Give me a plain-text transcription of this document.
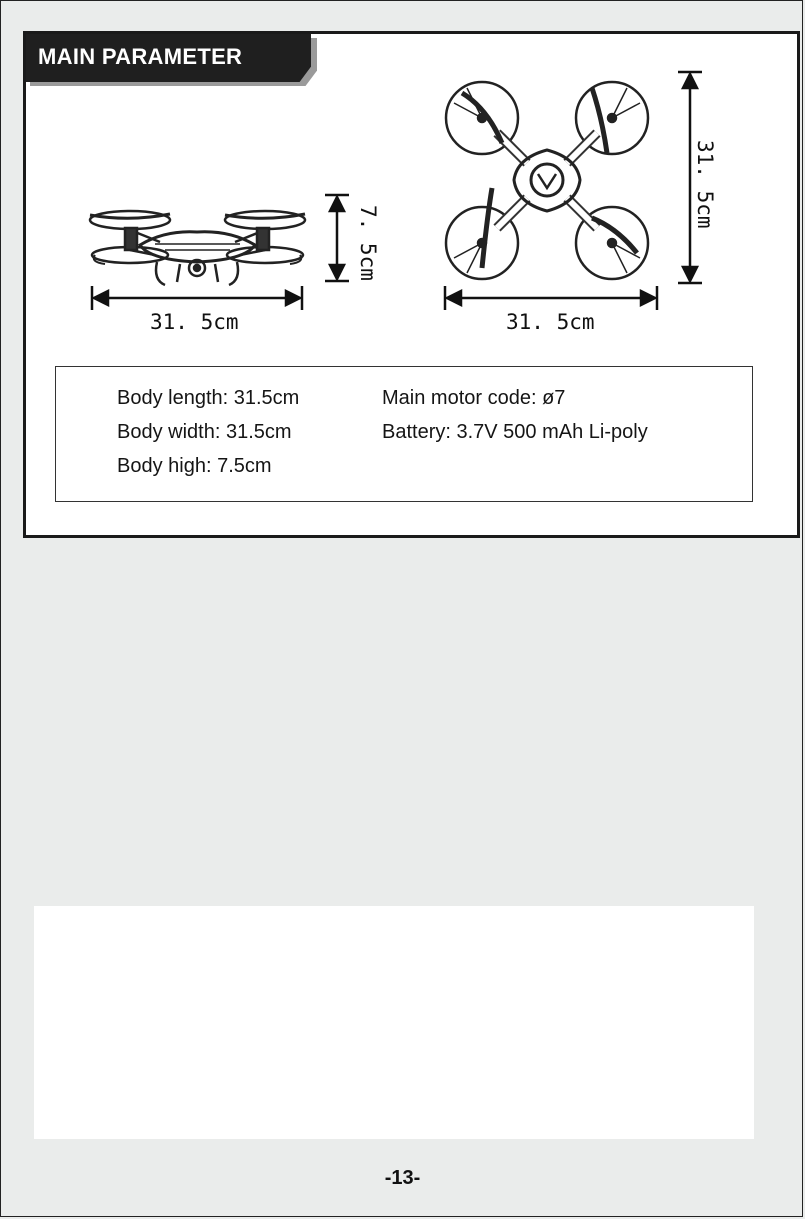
MAIN PARAMETER
7. 5cm
31. 5cm
31. 5cm
31. 5cm
Body length: 31.5cm
Body width: 31.5cm
Body high: 7.5cm
Main motor code: ø7
Battery: 3.7V 500 mAh Li-poly
-13-
